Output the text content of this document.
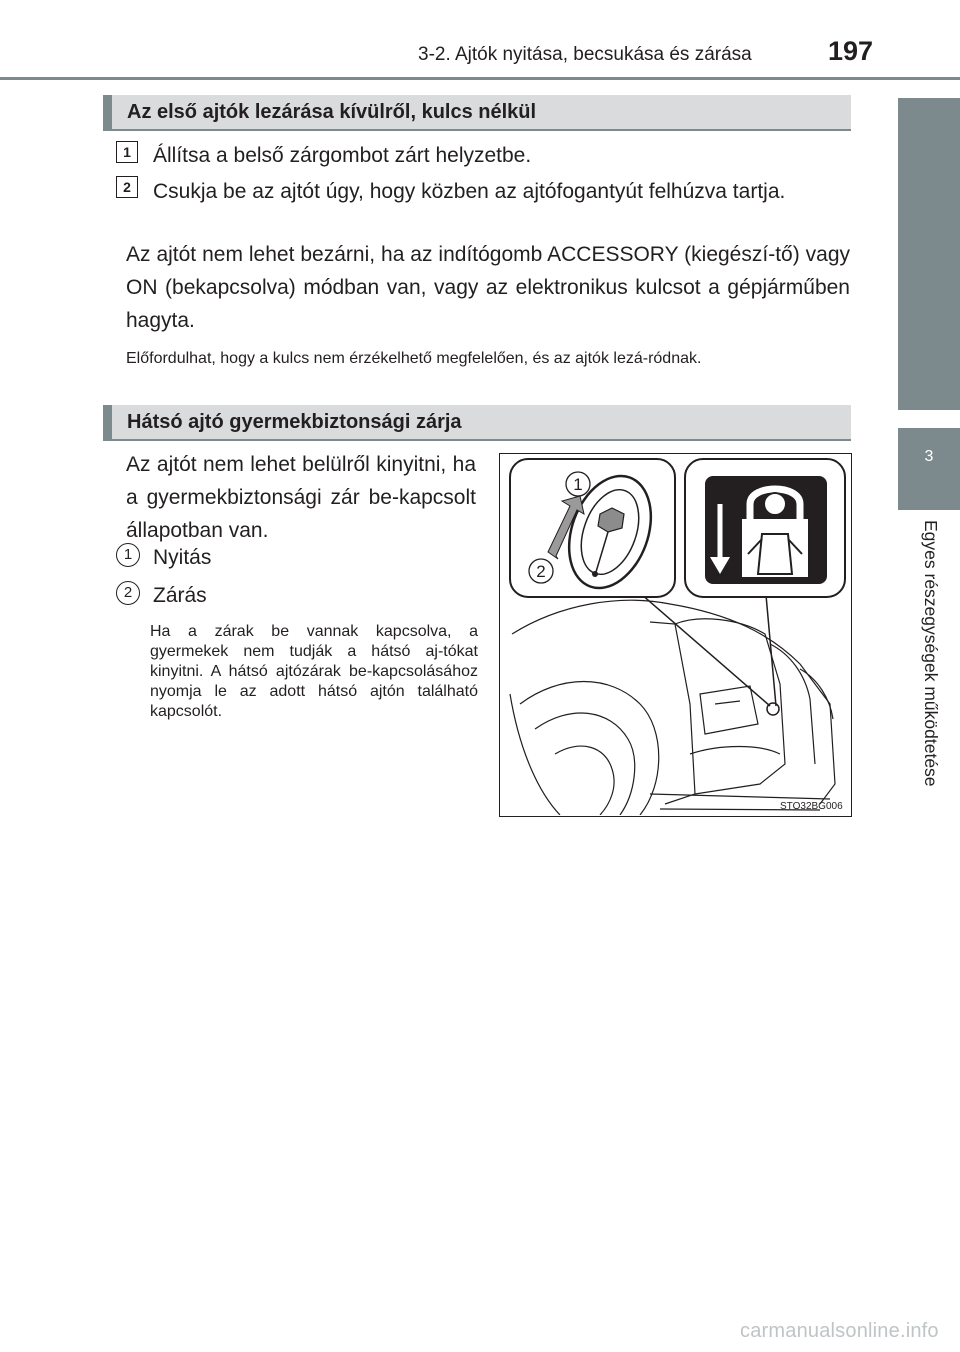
3-2. Ajtók nyitása, becsukása és zárása	197
3
Egyes részegységek működtetése
Az első ajtók lezárása kívülről, kulcs nélkül
1	Állítsa a belső zárgombot zárt helyzetbe.
2	Csukja be az ajtót úgy, hogy közben az ajtófogantyút felhúzva tartja.
Az ajtót nem lehet bezárni, ha az indítógomb ACCESSORY (kiegészí-tő) vagy ON (bekapcsolva) módban van, vagy az elektronikus kulcsot a gépjárműben hagyta.
Előfordulhat, hogy a kulcs nem érzékelhető megfelelően, és az ajtók lezá-ródnak.
Hátsó ajtó gyermekbiztonsági zárja
Az ajtót nem lehet belülről kinyitni, ha a gyermekbiztonsági zár be-kapcsolt állapotban van.
1 Nyitás
2 Zárás
Ha a zárak be vannak kapcsolva, a gyermekek nem tudják a hátsó aj-tókat kinyitni. A hátsó ajtózárak be-kapcsolásához nyomja le az adott hátsó ajtón található kapcsolót.
1
2
STO32BG006
carmanualsonline.info
